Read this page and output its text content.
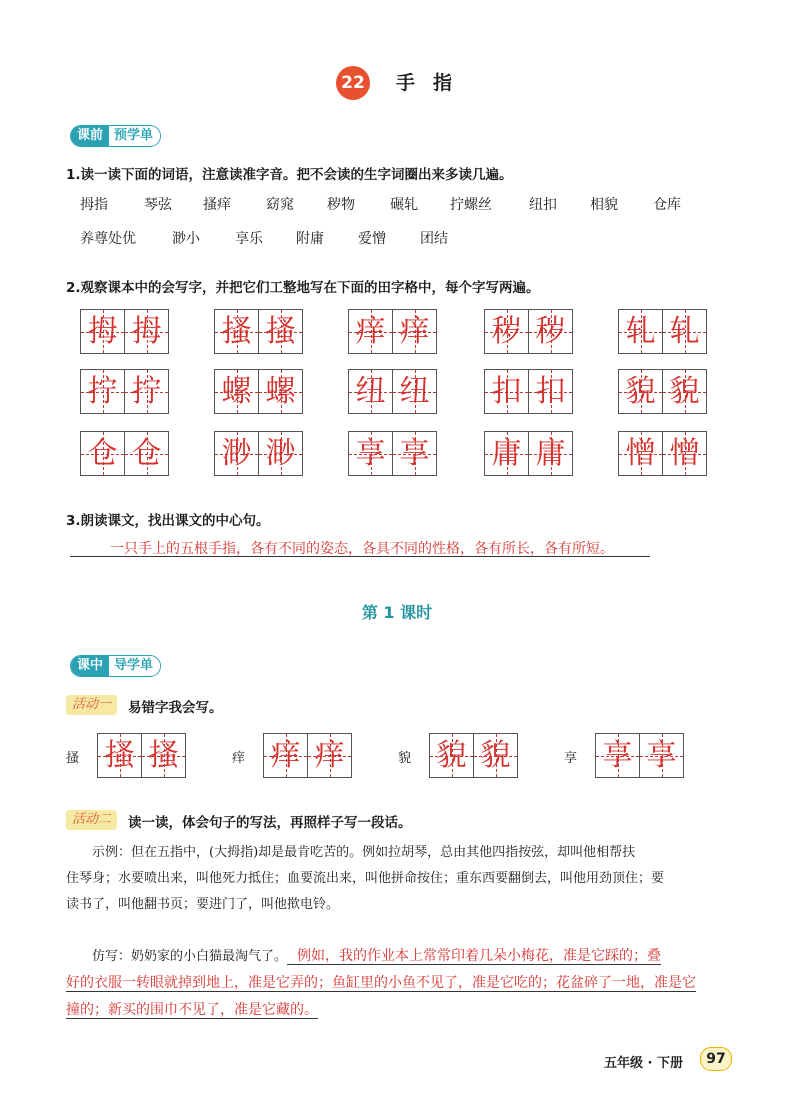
22 手指
课前 预学单
1.读一读下面的词语，注意读准字音。把不会读的生字词圈出来多读几遍。
拇指	琴弦 搔痒	窈窕 秽物	碾轧 拧螺丝	纽扣 相貌	仓库
养尊处优	渺小	享乐 附庸 爱憎 团结
2.观察课本中的会写字，并把它们工整地写在下面的田字格中，每个字写两遍。
拇 拇 搔 搔 痒 痒 秽 秽 轧 轧
拧 拧 螺 螺 纽 纽 扣 扣 貌 貌
仓 仓 渺 渺 享 享 庸 庸 憎 憎
3.朗读课文，找出课文的中心句。
一只手上的五根手指，各有不同的姿态，各具不同的性格，各有所长，各有所短。
第 1 课时
课中 导学单
活动一	易错字我会写。
搔 搔 搔	痒 痒 痒	貌 貌 貌	享 享 享
活动二	读一读，体会句子的写法，再照样子写一段话。
示例：但在五指中，(大拇指)却是最肯吃苦的。例如拉胡琴，总由其他四指按弦，却叫他相帮扶
住琴身；水要喷出来，叫他死力抵住；血要流出来，叫他拼命按住；重东西要翻倒去，叫他用劲顶住；要
读书了，叫他翻书页；要进门了，叫他揿电铃。
仿写：奶奶家的小白猫最淘气了。 例如，我的作业本上常常印着几朵小梅花，准是它踩的；叠
好的衣服一转眼就掉到地上，准是它弄的；鱼缸里的小鱼不见了，准是它吃的；花盆碎了一地，准是它
撞的；新买的围巾不见了，准是它藏的。
五年级 · 下册	97
